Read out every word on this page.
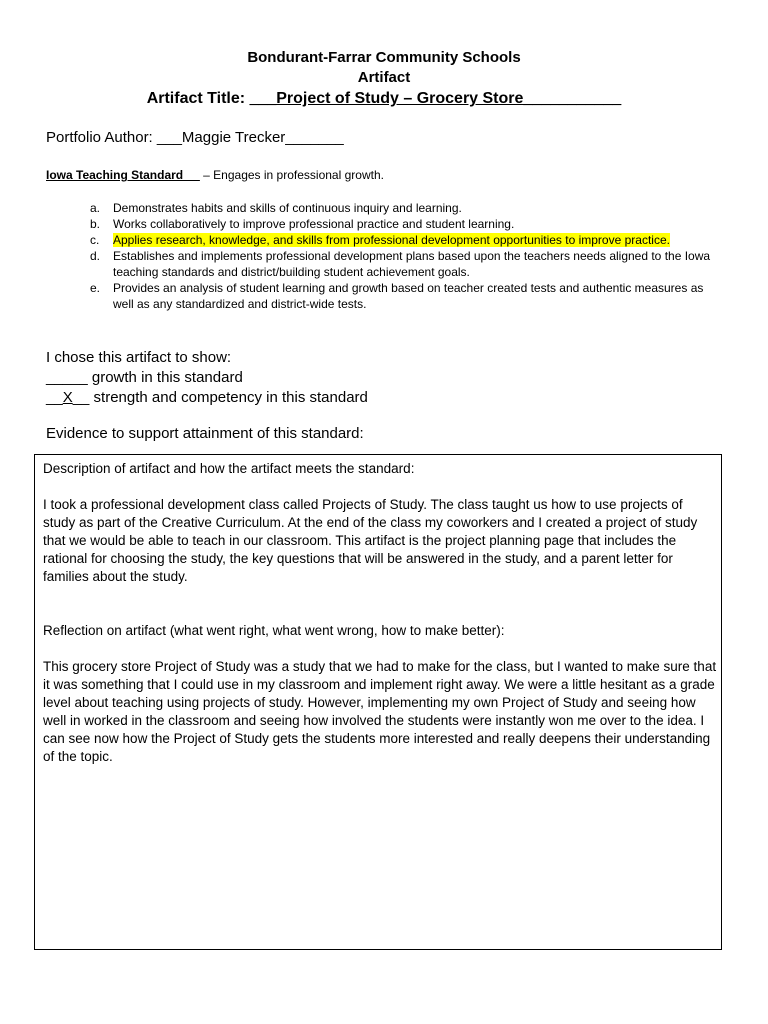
Bondurant-Farrar Community Schools
Artifact
Artifact Title: ___Project of Study – Grocery Store___________
Portfolio Author: ___Maggie Trecker_______
Iowa Teaching Standard __ – Engages in professional growth.
a.	Demonstrates habits and skills of continuous inquiry and learning.
b.	Works collaboratively to improve professional practice and student learning.
c.	Applies research, knowledge, and skills from professional development opportunities to improve practice.
d.	Establishes and implements professional development plans based upon the teachers needs aligned to the Iowa teaching standards and district/building student achievement goals.
e.	Provides an analysis of student learning and growth based on teacher created tests and authentic measures as well as any standardized and district-wide tests.
I chose this artifact to show:
_____ growth in this standard
__X__ strength and competency in this standard
Evidence to support attainment of this standard:

Description of artifact and how the artifact meets the standard:

I took a professional development class called Projects of Study. The class taught us how to use projects of study as part of the Creative Curriculum. At the end of the class my coworkers and I created a project of study that we would be able to teach in our classroom. This artifact is the project planning page that includes the rational for choosing the study, the key questions that will be answered in the study, and a parent letter for families about the study.

Reflection on artifact (what went right, what went wrong, how to make better):

This grocery store Project of Study was a study that we had to make for the class, but I wanted to make sure that it was something that I could use in my classroom and implement right away. We were a little hesitant as a grade level about teaching using projects of study. However, implementing my own Project of Study and seeing how well in worked in the classroom and seeing how involved the students were instantly won me over to the idea. I can see now how the Project of Study gets the students more interested and really deepens their understanding of the topic.
